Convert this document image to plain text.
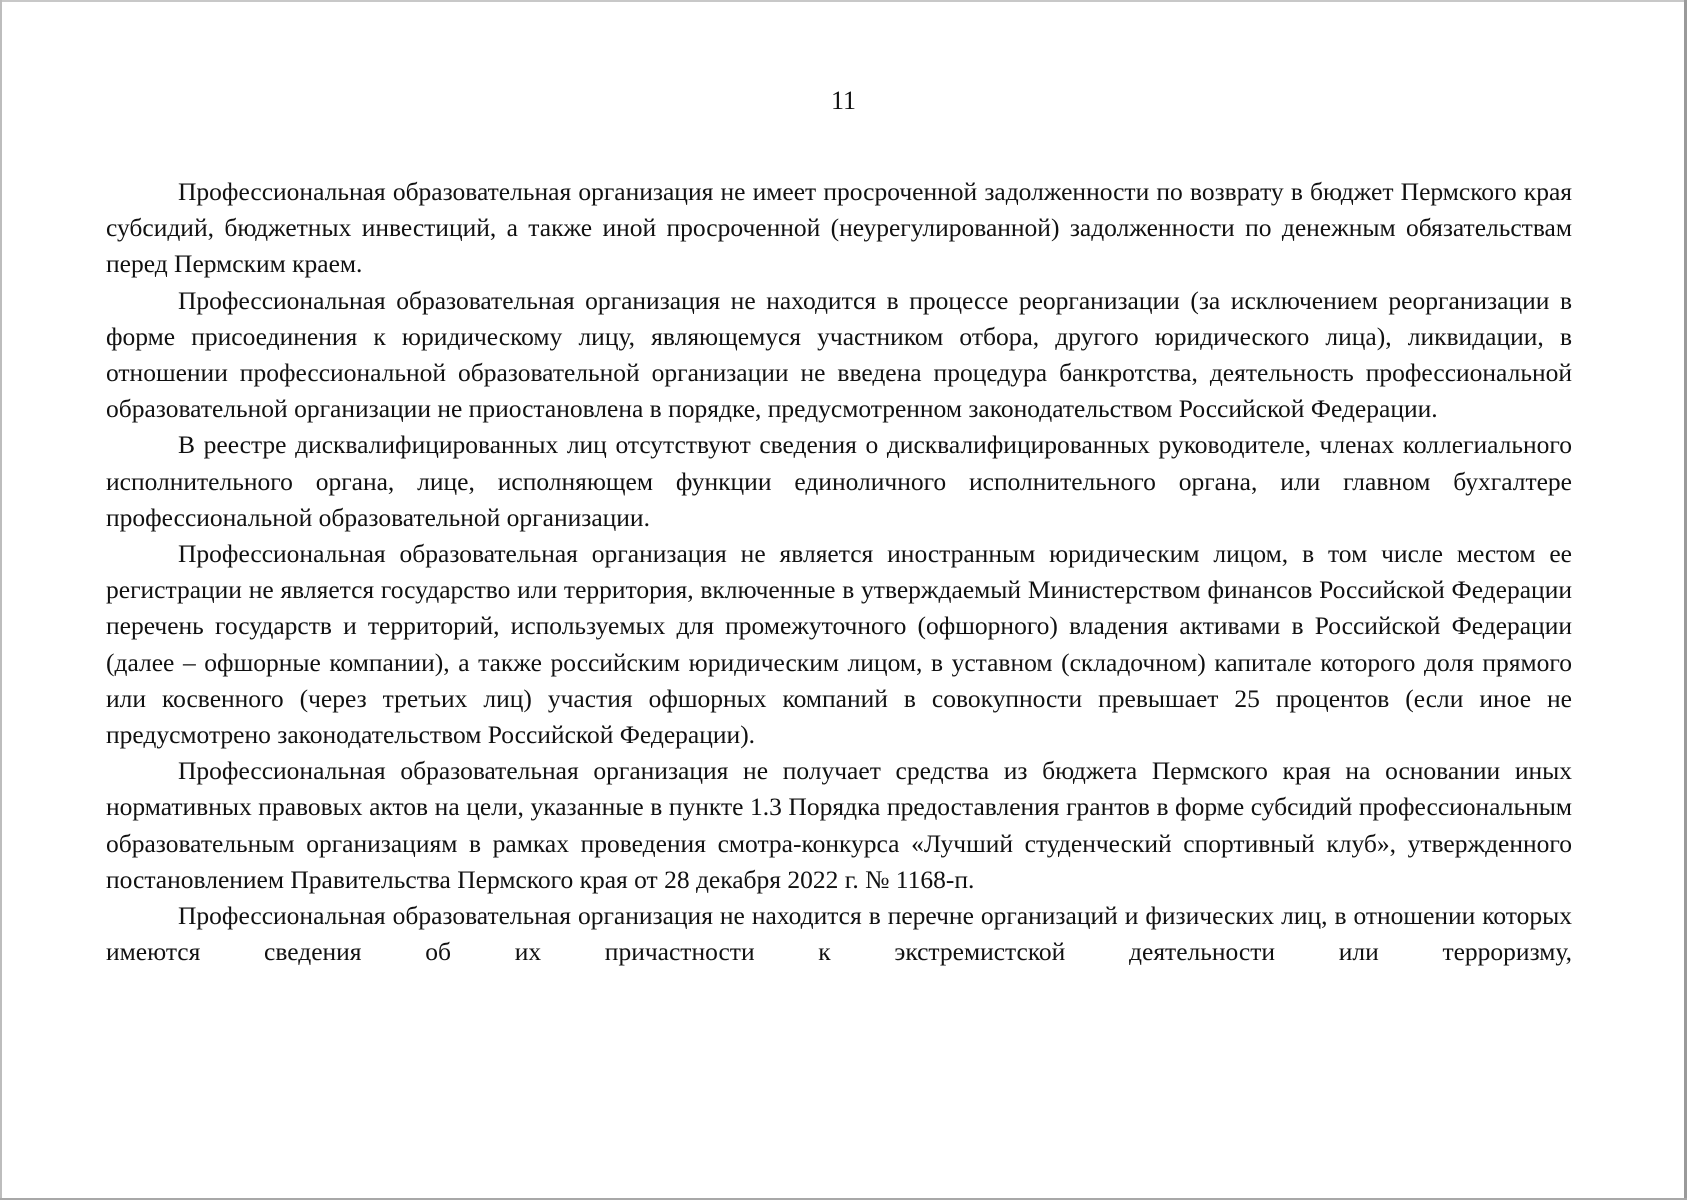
11

Профессиональная образовательная организация не имеет просроченной задолженности по возврату в бюджет Пермского края субсидий, бюджетных инвестиций, а также иной просроченной (неурегулированной) задолженности по денежным обязательствам перед Пермским краем.

Профессиональная образовательная организация не находится в процессе реорганизации (за исключением реорганизации в форме присоединения к юридическому лицу, являющемуся участником отбора, другого юридического лица), ликвидации, в отношении профессиональной образовательной организации не введена процедура банкротства, деятельность профессиональной образовательной организации не приостановлена в порядке, предусмотренном законодательством Российской Федерации.

В реестре дисквалифицированных лиц отсутствуют сведения о дисквалифицированных руководителе, членах коллегиального исполнительного органа, лице, исполняющем функции единоличного исполнительного органа, или главном бухгалтере профессиональной образовательной организации.

Профессиональная образовательная организация не является иностранным юридическим лицом, в том числе местом ее регистрации не является государство или территория, включенные в утверждаемый Министерством финансов Российской Федерации перечень государств и территорий, используемых для промежуточного (офшорного) владения активами в Российской Федерации (далее – офшорные компании), а также российским юридическим лицом, в уставном (складочном) капитале которого доля прямого или косвенного (через третьих лиц) участия офшорных компаний в совокупности превышает 25 процентов (если иное не предусмотрено законодательством Российской Федерации).

Профессиональная образовательная организация не получает средства из бюджета Пермского края на основании иных нормативных правовых актов на цели, указанные в пункте 1.3 Порядка предоставления грантов в форме субсидий профессиональным образовательным организациям в рамках проведения смотра-конкурса «Лучший студенческий спортивный клуб», утвержденного постановлением Правительства Пермского края от 28 декабря 2022 г. № 1168-п.

Профессиональная образовательная организация не находится в перечне организаций и физических лиц, в отношении которых имеются сведения об их причастности к экстремистской деятельности или терроризму,
